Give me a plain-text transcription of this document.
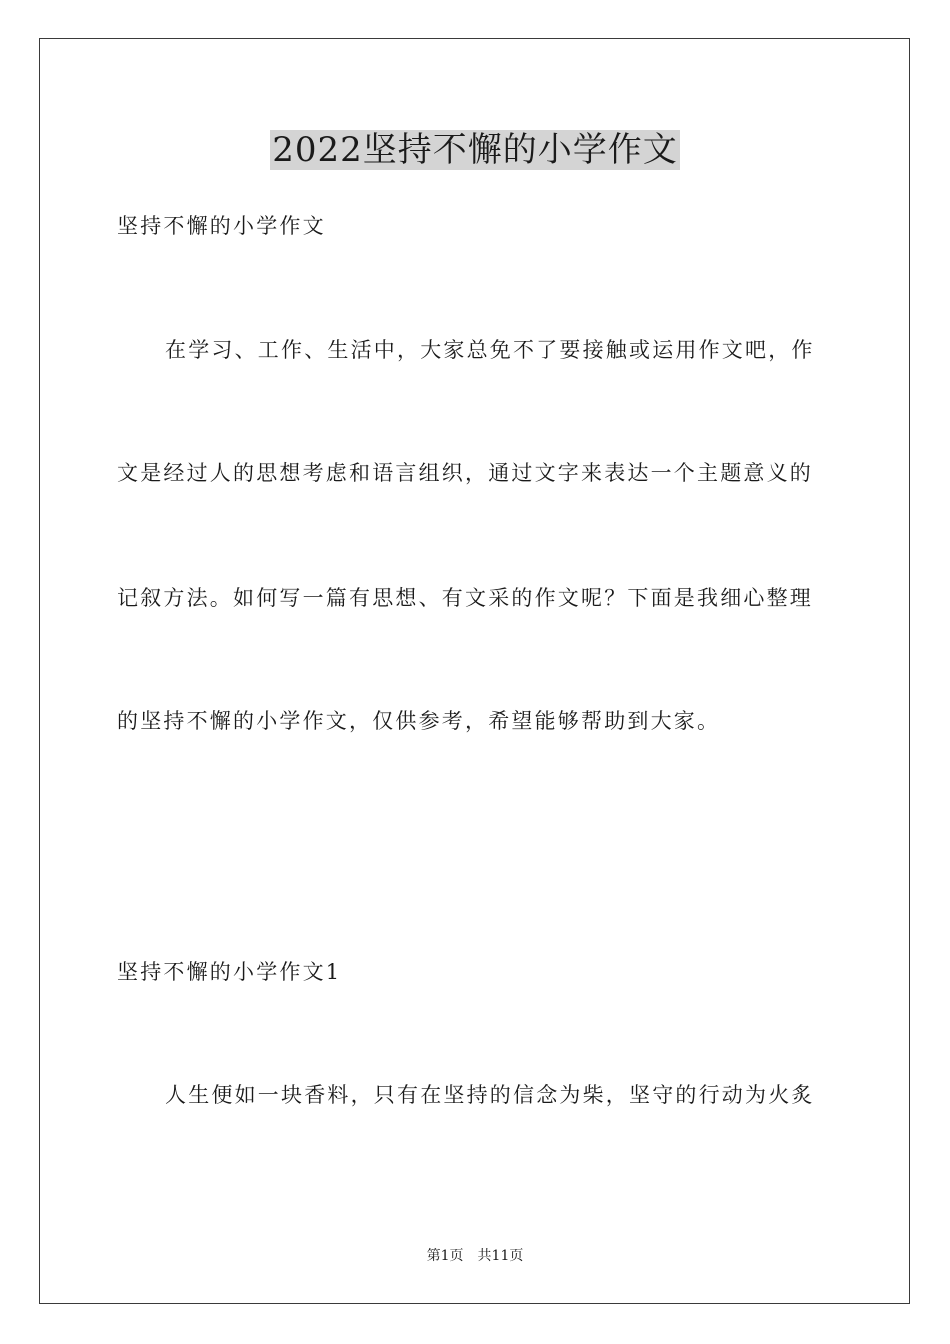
2022坚持不懈的小学作文

坚持不懈的小学作文

在学习、工作、生活中，大家总免不了要接触或运用作文吧，作

文是经过人的思想考虑和语言组织，通过文字来表达一个主题意义的

记叙方法。如何写一篇有思想、有文采的作文呢？下面是我细心整理

的坚持不懈的小学作文，仅供参考，希望能够帮助到大家。

坚持不懈的小学作文1

人生便如一块香料，只有在坚持的信念为柴，坚守的行动为火炙

第1页 共11页
